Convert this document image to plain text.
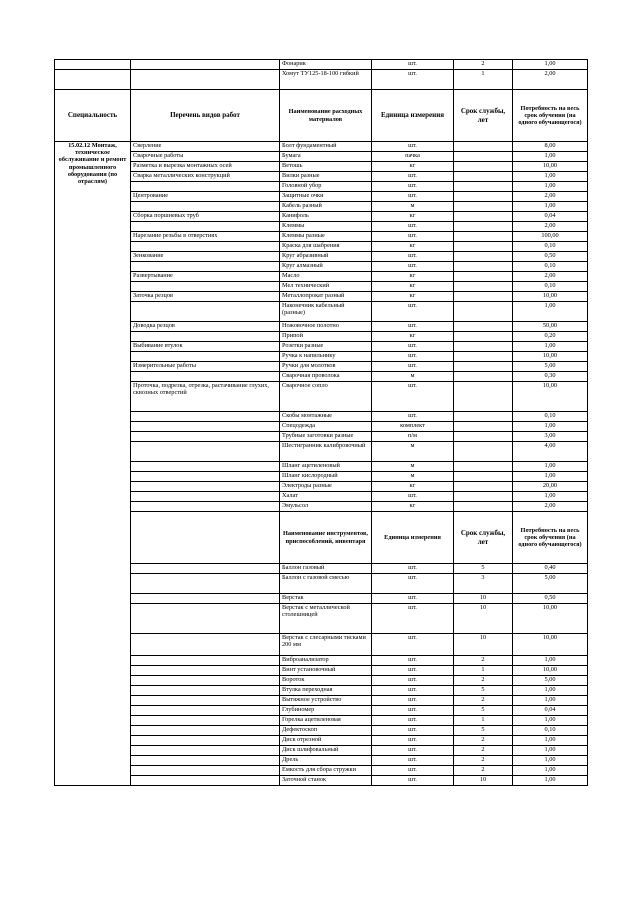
		Фонарик	шт.	2	1,00
		Хомут ТУ125-18-100 гибкий	шт.	1	2,00
Специальность	Перечень видов работ	Наименование расходных материалов	Единица измерения	Срок службы, лет	Потребность на весь срок обучения (на одного обучающегося)
15.02.12 Монтаж, техническое обслуживание и ремонт промышленного оборудования (по отраслям)	Сверление	Болт фундаментный	шт.		8,00
	Сварочные работы	Бумага	пачка		1,00
	Разметка и вырезка монтажных осей	Ветошь	кг		10,00
	Сварка металлических конструкций	Вилки разные	шт.		1,00
		Головной убор	шт.		1,00
	Центрование	Защитные очки	шт.		2,00
		Кабель разный	м		1,00
	Сборка поршневых труб	Канифоль	кг		0,04
		Клеммы	шт.		2,00
	Нарезание резьбы в отверстиях	Клеммы разные	шт.		100,00
		Краска для шабрения	кг		0,10
	Зенкование	Круг абразивный	шт.		0,50
		Круг алмазный	шт.		0,10
	Развертывание	Масло	кг		2,00
		Мел технический	кг		0,10
	Заточка резцов	Металлопрокат разный	кг		10,00
		Наконечник кабельный (разные)	шт.		1,00
	Доводка резцов	Ножовочное полотно	шт.		50,00
		Припой	кг		0,20
	Выбивание втулок	Розетки разные	шт.		1,00
		Ручка к напильнику	шт.		10,00
	Измерительные работы	Ручки для молотков	шт.		5,00
		Сварочная проволока	м		0,30
	Проточка, подрезка, отрезка, растачивание глухих, сквозных отверстий	Сварочное сопло	шт.		10,00
		Скобы монтажные	шт.		0,10
		Спецодежда	комплект		1,00
		Трубные заготовки разные	п/м		3,00
		Шестигранник калибровочный	м		4,00
		Шланг ацетиленовый	м		1,00
		Шланг кислородный	м		1,00
		Электроды разные	кг		20,00
		Халат	шт.		1,00
		Эмульсол	кг		2,00
		Наименование инструментов, приспособлений, инвентаря	Единица измерения	Срок службы, лет	Потребность на весь срок обучения (на одного обучающегося)
		Баллон газовый	шт.	5	0,40
		Баллон с газовой смесью	шт.	3	5,00
		Верстак	шт.	10	0,50
		Верстак с металлической столешницей	шт.	10	10,00
		Верстак с слесарными тисками 200 мм	шт.	10	10,00
		Виброанализатор	шт.	2	1,00
		Винт установочный	шт.	1	10,00
		Вороток	шт.	2	5,00
		Втулка переходная	шт.	5	1,00
		Вытяжное устройство	шт.	2	1,00
		Глубиномер	шт.	5	0,04
		Горелка ацетиленовая	шт.	1	1,00
		Дефектоскоп	шт.	5	0,10
		Диск отрезной	шт.	2	1,00
		Диск шлифовальный	шт.	2	1,00
		Дрель	шт.	2	1,00
		Емкость для сбора стружки	шт.	2	1,00
		Заточной станок	шт.	10	1,00
